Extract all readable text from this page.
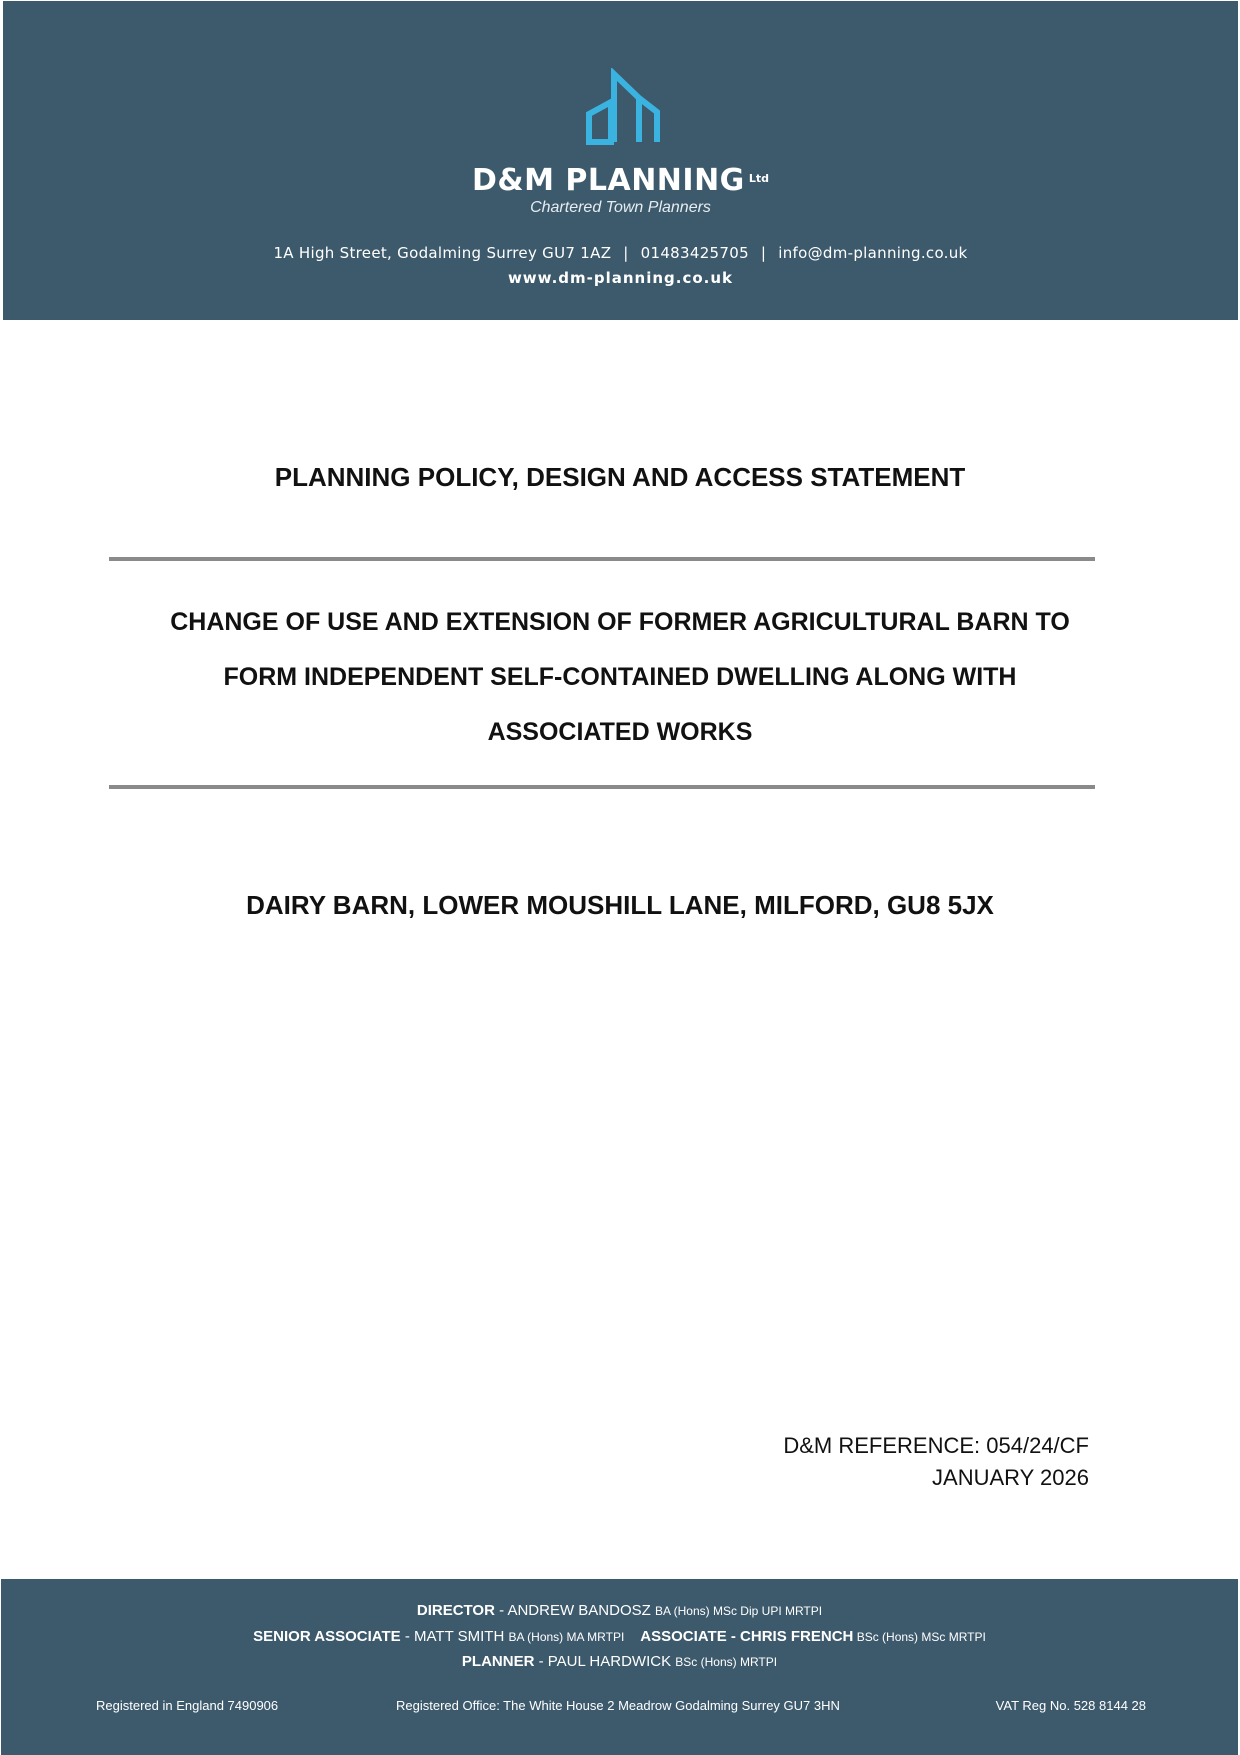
D&M PLANNING $^{Ltd}$
Chartered Town Planners
1A High Street, Godalming Surrey GU7 1AZ | 01483425705 | info@dm-planning.co.uk
www.dm-planning.co.uk
PLANNING POLICY, DESIGN AND ACCESS STATEMENT
CHANGE OF USE AND EXTENSION OF FORMER AGRICULTURAL BARN TO
FORM INDEPENDENT SELF-CONTAINED DWELLING ALONG WITH
ASSOCIATED WORKS
DAIRY BARN, LOWER MOUSHILL LANE, MILFORD, GU8 5JX
D&M REFERENCE: 054/24/CF
JANUARY 2026
DIRECTOR - ANDREW BANDOSZ BA (Hons) MSc Dip UPI MRTPI
SENIOR ASSOCIATE - MATT SMITH BA (Hons) MA MRTPI ASSOCIATE - CHRIS FRENCH BSc (Hons) MSc MRTPI
PLANNER - PAUL HARDWICK BSc (Hons) MRTPI
Registered in England 7490906	Registered Office: The White House 2 Meadrow Godalming Surrey GU7 3HN	VAT Reg No. 528 8144 28
